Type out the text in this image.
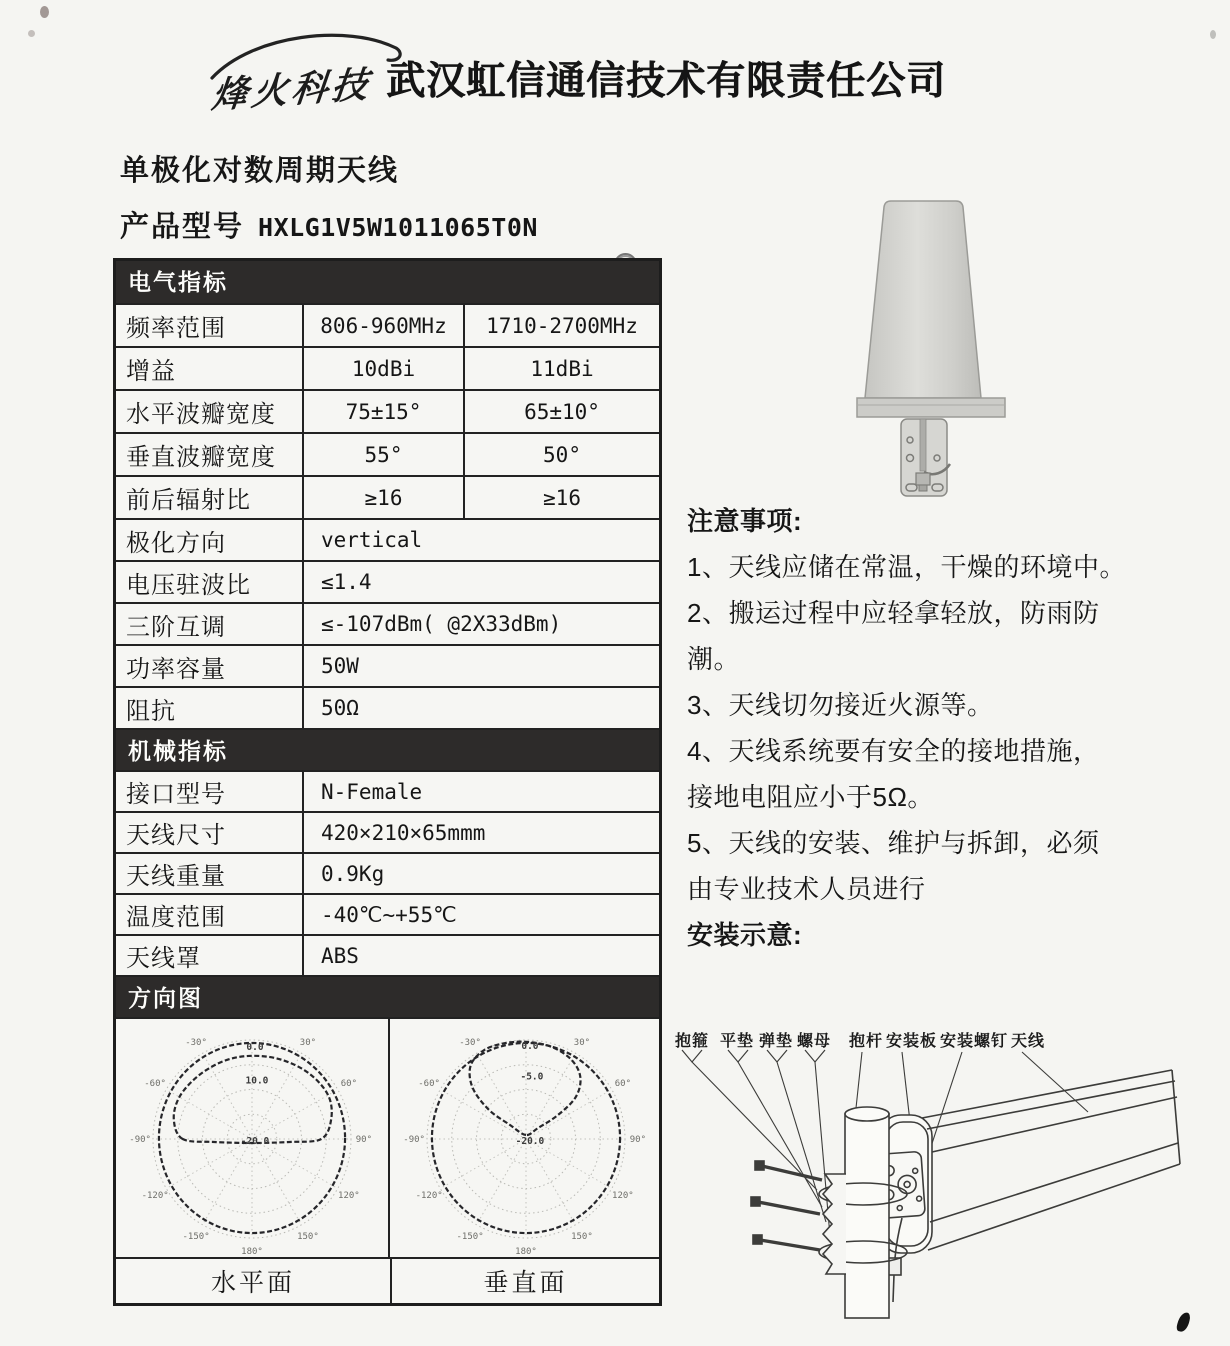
烽火科技 武汉虹信通信技术有限责任公司
单极化对数周期天线
产品型号 HXLG1V5W1011065T0N
电气指标
频率范围	806-960MHz	1710-2700MHz
增益	10dBi	11dBi
水平波瓣宽度	75±15°	65±10°
垂直波瓣宽度	55°	50°
前后辐射比	≥16	≥16
极化方向	vertical
电压驻波比	≤1.4
三阶互调	≤-107dBm( @2X33dBm)
功率容量	50W
阻抗	50Ω
机械指标
接口型号	N-Female
天线尺寸	420×210×65mmm
天线重量	0.9Kg
温度范围	-40℃~+55℃
天线罩	ABS
方向图
-30°	30°
-60°	60°
-90°	90°
-120°	120°
-150°	150°
180°
0.0
10.0
-20.0
-30°	30°
-60°	60°
-90°	90°
-120°	120°
-150°	150°
180°
0.0
-5.0
-20.0
水平面	垂直面
注意事项:
1、天线应储在常温，干燥的环境中。
2、搬运过程中应轻拿轻放，防雨防
潮。
3、天线切勿接近火源等。
4、天线系统要有安全的接地措施，
接地电阻应小于5Ω。
5、天线的安装、维护与拆卸，必须
由专业技术人员进行
安装示意:
抱箍 平垫 弹垫 螺母 抱杆 安装板 安装螺钉 天线
